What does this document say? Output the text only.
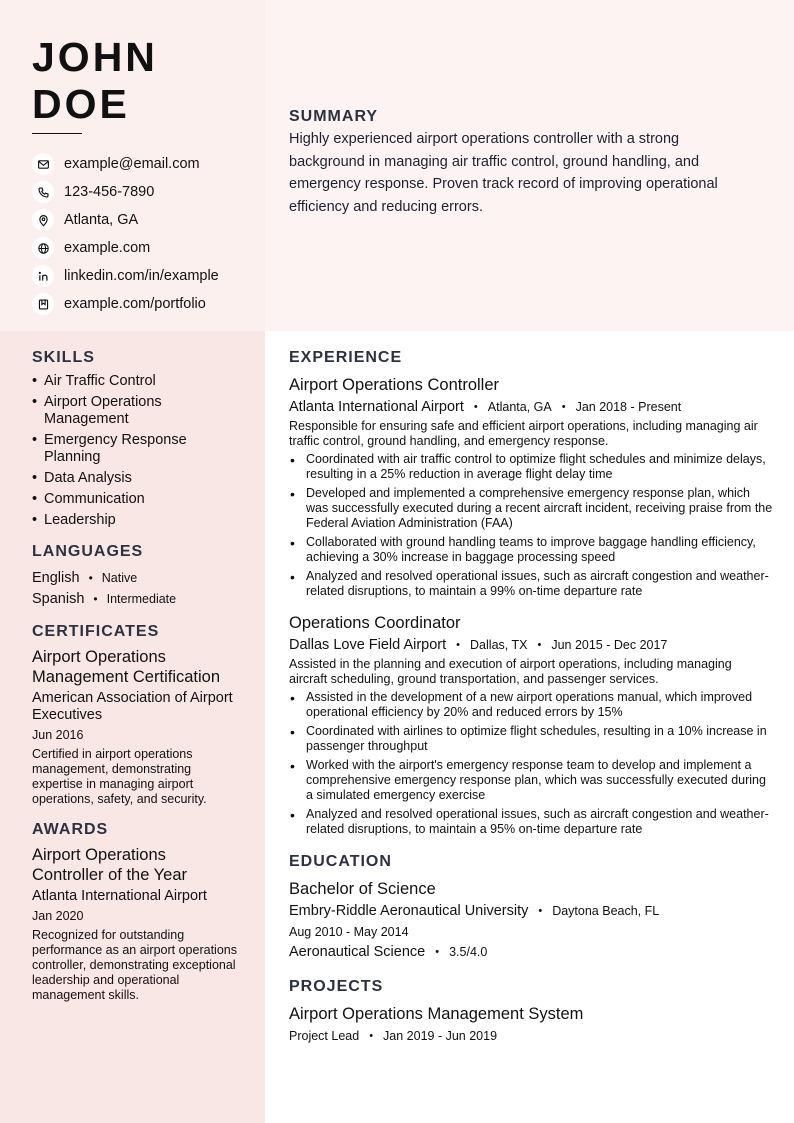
JOHN
DOE
example@email.com
123-456-7890
Atlanta, GA
example.com
linkedin.com/in/example
example.com/portfolio
SUMMARY

Highly experienced airport operations controller with a strong background in managing air traffic control, ground handling, and emergency response. Proven track record of improving operational efficiency and reducing errors.

SKILLS
• Air Traffic Control
• Airport Operations Management
• Emergency Response Planning
• Data Analysis
• Communication
• Leadership
LANGUAGES
English • Native
Spanish • Intermediate
CERTIFICATES

Airport Operations Management Certification

American Association of Airport Executives

Jun 2016

Certified in airport operations management, demonstrating expertise in managing airport operations, safety, and security.

AWARDS

Airport Operations Controller of the Year

Atlanta International Airport

Jan 2020

Recognized for outstanding performance as an airport operations controller, demonstrating exceptional leadership and operational management skills.

EXPERIENCE

Airport Operations Controller

Atlanta International Airport • Atlanta, GA • Jan 2018 - Present

Responsible for ensuring safe and efficient airport operations, including managing air traffic control, ground handling, and emergency response.

• Coordinated with air traffic control to optimize flight schedules and minimize delays, resulting in a 25% reduction in average flight delay time
• Developed and implemented a comprehensive emergency response plan, which was successfully executed during a recent aircraft incident, receiving praise from the Federal Aviation Administration (FAA)
• Collaborated with ground handling teams to improve baggage handling efficiency, achieving a 30% increase in baggage processing speed
• Analyzed and resolved operational issues, such as aircraft congestion and weather-related disruptions, to maintain a 99% on-time departure rate

Operations Coordinator

Dallas Love Field Airport • Dallas, TX • Jun 2015 - Dec 2017

Assisted in the planning and execution of airport operations, including managing aircraft scheduling, ground transportation, and passenger services.

• Assisted in the development of a new airport operations manual, which improved operational efficiency by 20% and reduced errors by 15%
• Coordinated with airlines to optimize flight schedules, resulting in a 10% increase in passenger throughput
• Worked with the airport's emergency response team to develop and implement a comprehensive emergency response plan, which was successfully executed during a simulated emergency exercise
• Analyzed and resolved operational issues, such as aircraft congestion and weather-related disruptions, to maintain a 95% on-time departure rate
EDUCATION

Bachelor of Science

Embry-Riddle Aeronautical University • Daytona Beach, FL

Aug 2010 - May 2014

Aeronautical Science • 3.5/4.0
PROJECTS

Airport Operations Management System

Project Lead • Jan 2019 - Jun 2019
